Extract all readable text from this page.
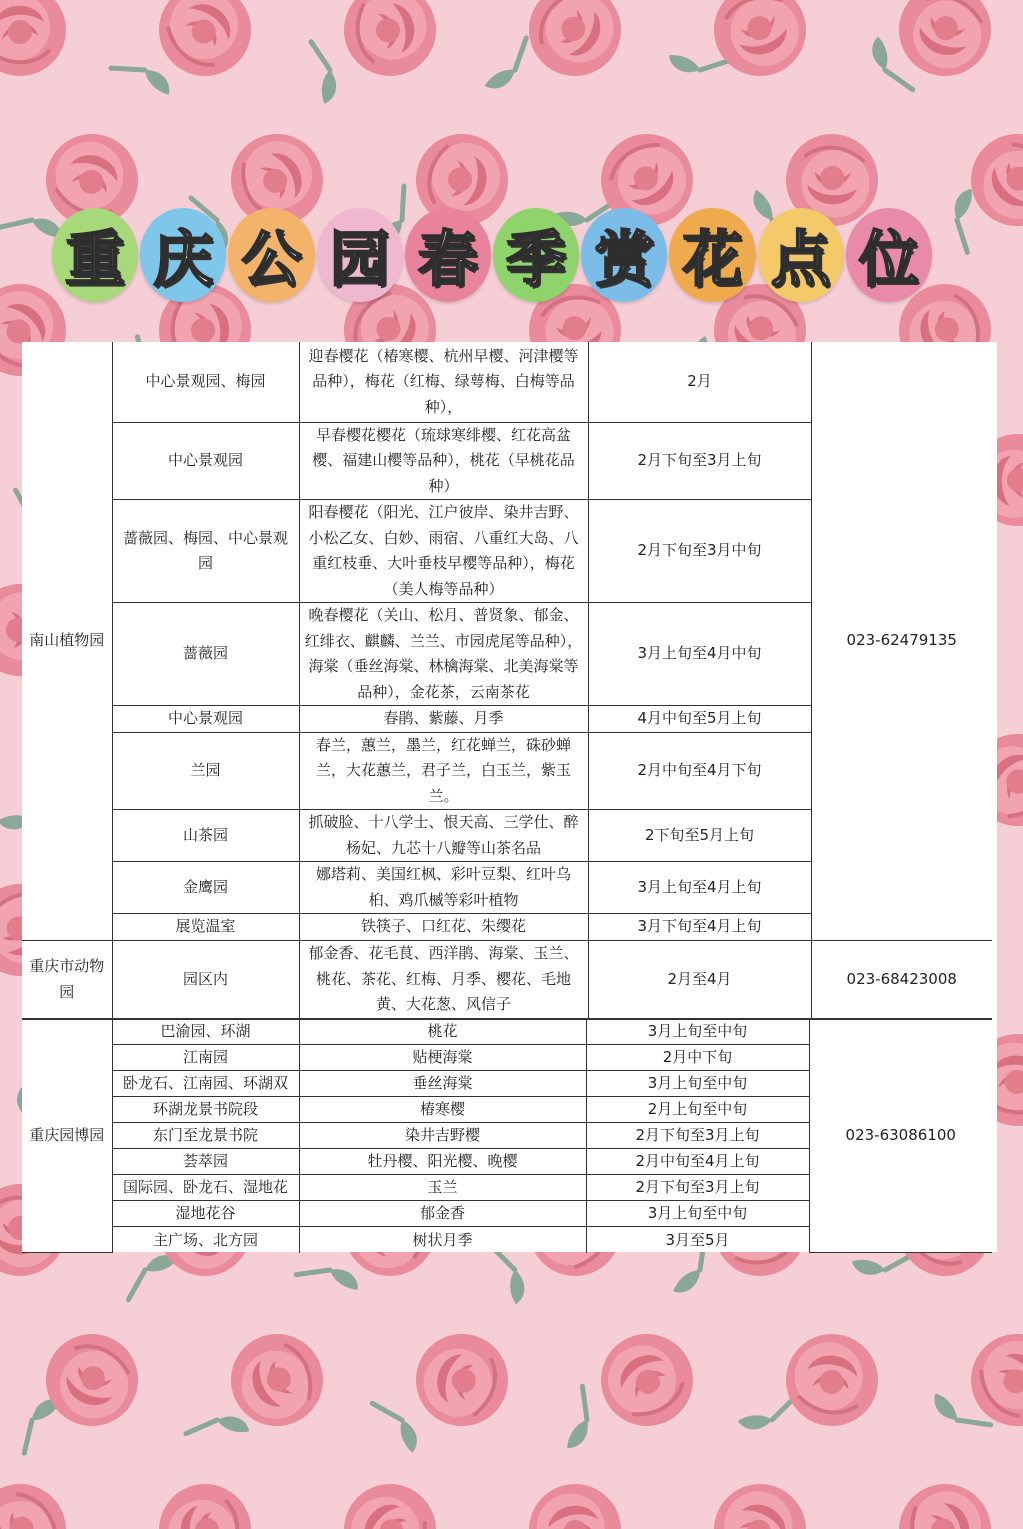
重 庆 公 园 春 季 赏 花 点 位
南山植物园	中心景观园、梅园	迎春樱花（椿寒樱、杭州早樱、河津樱等品种），梅花（红梅、绿萼梅、白梅等品种），	2月	023-62479135
	中心景观园	早春樱花樱花（琉球寒绯樱、红花高盆樱、福建山樱等品种），桃花（早桃花品种）	2月下旬至3月上旬	
	蔷薇园、梅园、中心景观园	阳春樱花（阳光、江户彼岸、染井吉野、小松乙女、白妙、雨宿、八重红大岛、八重红枝垂、大叶垂枝早樱等品种），梅花（美人梅等品种）	2月下旬至3月中旬	
	蔷薇园	晚春樱花（关山、松月、普贤象、郁金、红绯衣、麒麟、兰兰、市园虎尾等品种），海棠（垂丝海棠、林檎海棠、北美海棠等品种），金花茶，云南茶花	3月上旬至4月中旬	
	中心景观园	春鹃、紫藤、月季	4月中旬至5月上旬	
	兰园	春兰，蕙兰，墨兰，红花蝉兰，硃砂蝉兰，大花蕙兰，君子兰，白玉兰，紫玉兰。	2月中旬至4月下旬	
	山茶园	抓破脸、十八学士、恨天高、三学仕、醉杨妃、九芯十八瓣等山茶名品	2下旬至5月上旬	
	金鹰园	娜塔莉、美国红枫、彩叶豆梨、红叶乌桕、鸡爪槭等彩叶植物	3月上旬至4月上旬	
	展览温室	铁筷子、口红花、朱缨花	3月下旬至4月上旬	
重庆市动物园	园区内	郁金香、花毛茛、西洋鹃、海棠、玉兰、桃花、茶花、红梅、月季、樱花、毛地黄、大花葱、风信子	2月至4月	023-68423008
重庆园博园	巴渝园、环湖	桃花	3月上旬至中旬	023-63086100
	江南园	贴梗海棠	2月中下旬	
	卧龙石、江南园、环湖双	垂丝海棠	3月上旬至中旬	
	环湖龙景书院段	椿寒樱	2月上旬至中旬	
	东门至龙景书院	染井吉野樱	2月下旬至3月上旬	
	荟萃园	牡丹樱、阳光樱、晚樱	2月中旬至4月上旬	
	国际园、卧龙石、湿地花	玉兰	2月下旬至3月上旬	
	湿地花谷	郁金香	3月上旬至中旬	
	主广场、北方园	树状月季	3月至5月	
